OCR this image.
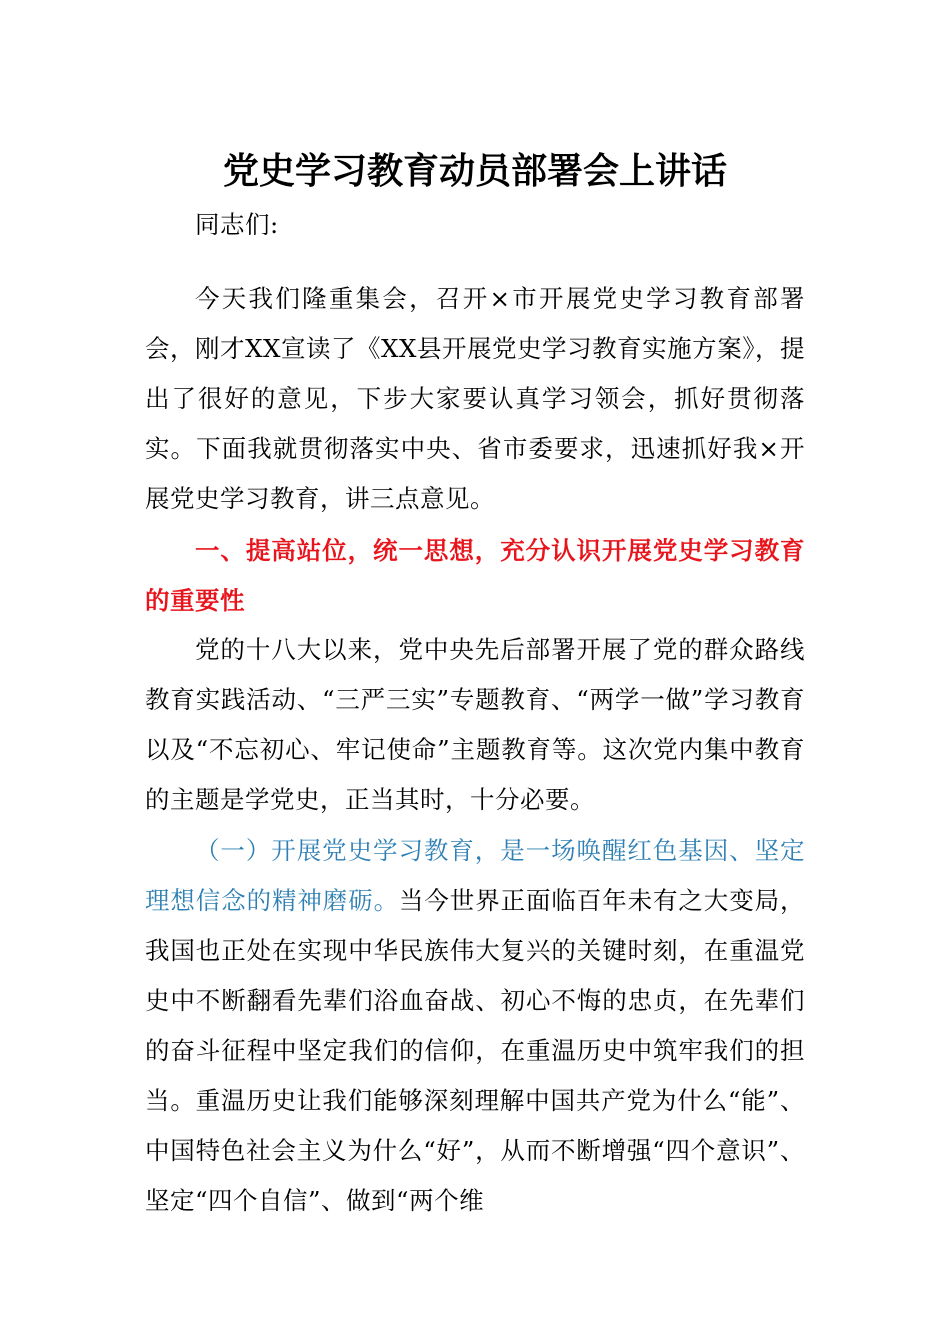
党史学习教育动员部署会上讲话

同志们:

今天我们隆重集会，召开×市开展党史学习教育部署会，刚才XX宣读了《XX县开展党史学习教育实施方案》，提出了很好的意见，下步大家要认真学习领会，抓好贯彻落实。下面我就贯彻落实中央、省市委要求，迅速抓好我×开展党史学习教育，讲三点意见。

一、提高站位，统一思想，充分认识开展党史学习教育的重要性

党的十八大以来，党中央先后部署开展了党的群众路线教育实践活动、“三严三实”专题教育、“两学一做”学习教育以及“不忘初心、牢记使命”主题教育等。这次党内集中教育的主题是学党史，正当其时，十分必要。

（一）开展党史学习教育，是一场唤醒红色基因、坚定理想信念的精神磨砺。当今世界正面临百年未有之大变局，我国也正处在实现中华民族伟大复兴的关键时刻，在重温党史中不断翻看先辈们浴血奋战、初心不悔的忠贞，在先辈们的奋斗征程中坚定我们的信仰，在重温历史中筑牢我们的担当。重温历史让我们能够深刻理解中国共产党为什么“能”、中国特色社会主义为什么“好”，从而不断增强“四个意识”、坚定“四个自信”、做到“两个维
